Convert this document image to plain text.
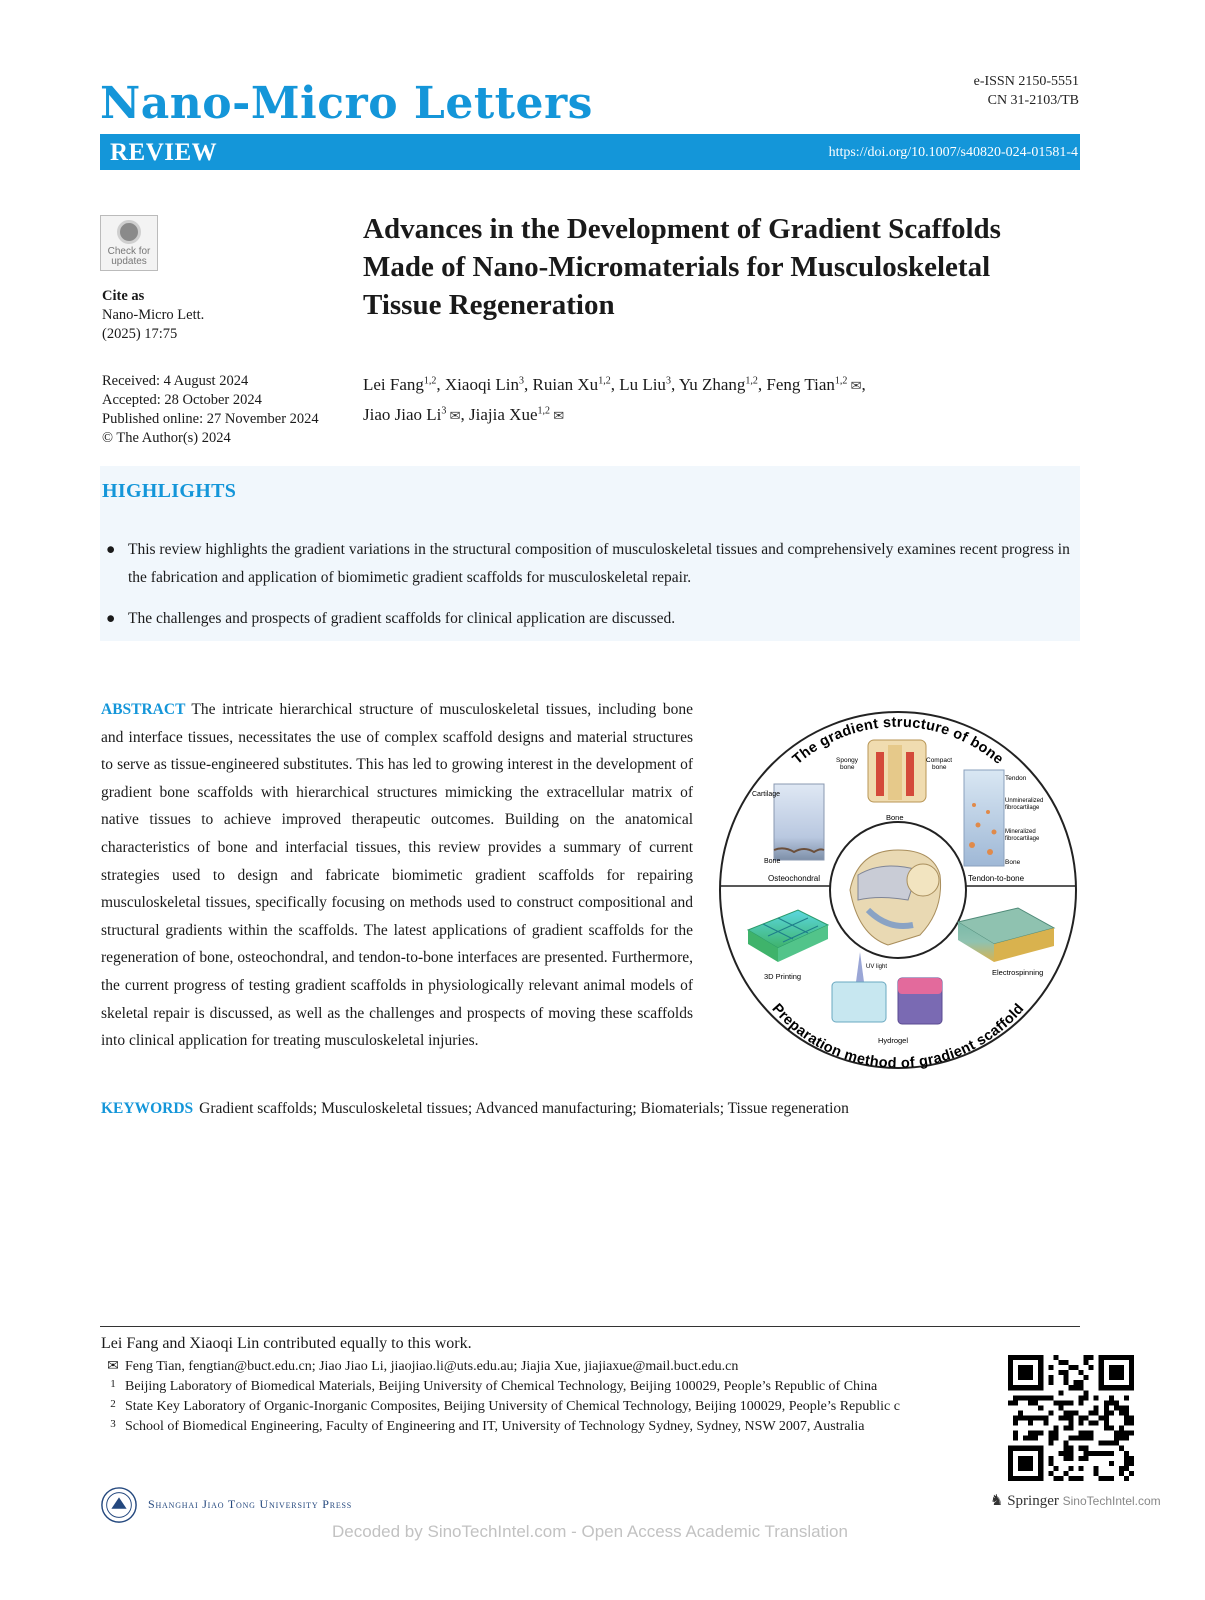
Nano-Micro Letters	e-ISSN 2150-5551
CN 31-2103/TB
REVIEW	https://doi.org/10.1007/s40820-024-01581-4
Check for
updates
Cite as
Nano-Micro Lett.
(2025) 17:75
Received: 4 August 2024
Accepted: 28 October 2024
Published online: 27 November 2024
© The Author(s) 2024
Advances in the Development of Gradient Scaffolds
Made of Nano-Micromaterials for Musculoskeletal
Tissue Regeneration
Lei Fang$^{1,2}$, Xiaoqi Lin$^3$, Ruian Xu$^{1,2}$, Lu Liu$^3$, Yu Zhang$^{1,2}$, Feng Tian$^{1,2}$ ✉,
Jiao Jiao Li$^3$ ✉, Jiajia Xue$^{1,2}$ ✉
HIGHLIGHTS
● This review highlights the gradient variations in the structural composition of musculoskeletal tissues and comprehensively examines recent progress in the fabrication and application of biomimetic gradient scaffolds for musculoskeletal repair.
● The challenges and prospects of gradient scaffolds for clinical application are discussed.
ABSTRACT The intricate hierarchical structure of musculoskeletal tissues, including bone and interface tissues, necessitates the use of complex scaffold designs and material structures to serve as tissue-engineered substitutes. This has led to growing interest in the development of gradient bone scaffolds with hierarchical structures mimicking the extracellular matrix of native tissues to achieve improved therapeutic outcomes. Building on the anatomical characteristics of bone and interfacial tissues, this review provides a summary of current strategies used to design and fabricate biomimetic gradient scaffolds for repairing musculoskeletal tissues, specifically focusing on methods used to construct compositional and structural gradients within the scaffolds. The latest applications of gradient scaffolds for the regeneration of bone, osteochondral, and tendon-to-bone interfaces are presented. Furthermore, the current progress of testing gradient scaffolds in physiologically relevant animal models of skeletal repair is discussed, as well as the challenges and prospects of moving these scaffolds into clinical application for treating musculoskeletal injuries.
Spongy
bone
Compact
bone
Bone
Cartilage
Bone
Osteochondral
Tendon
Unmineralized
fibrocartilage
Mineralized
fibrocartilage
Bone
Tendon-to-bone
3D Printing
UV light
Hydrogel
Electrospinning
The gradient structure of bone
Preparation method of gradient scaffold
KEYWORDS Gradient scaffolds; Musculoskeletal tissues; Advanced manufacturing; Biomaterials; Tissue regeneration
Lei Fang and Xiaoqi Lin contributed equally to this work.
✉ Feng Tian, fengtian@buct.edu.cn; Jiao Jiao Li, jiaojiao.li@uts.edu.au; Jiajia Xue, jiajiaxue@mail.buct.edu.cn
1 Beijing Laboratory of Biomedical Materials, Beijing University of Chemical Technology, Beijing 100029, People’s Republic of China
2 State Key Laboratory of Organic-Inorganic Composites, Beijing University of Chemical Technology, Beijing 100029, People’s Republic c
3 School of Biomedical Engineering, Faculty of Engineering and IT, University of Technology Sydney, Sydney, NSW 2007, Australia
♞ Springer SinoTechIntel.com
Shanghai Jiao Tong University Press
Decoded by SinoTechIntel.com - Open Access Academic Translation
